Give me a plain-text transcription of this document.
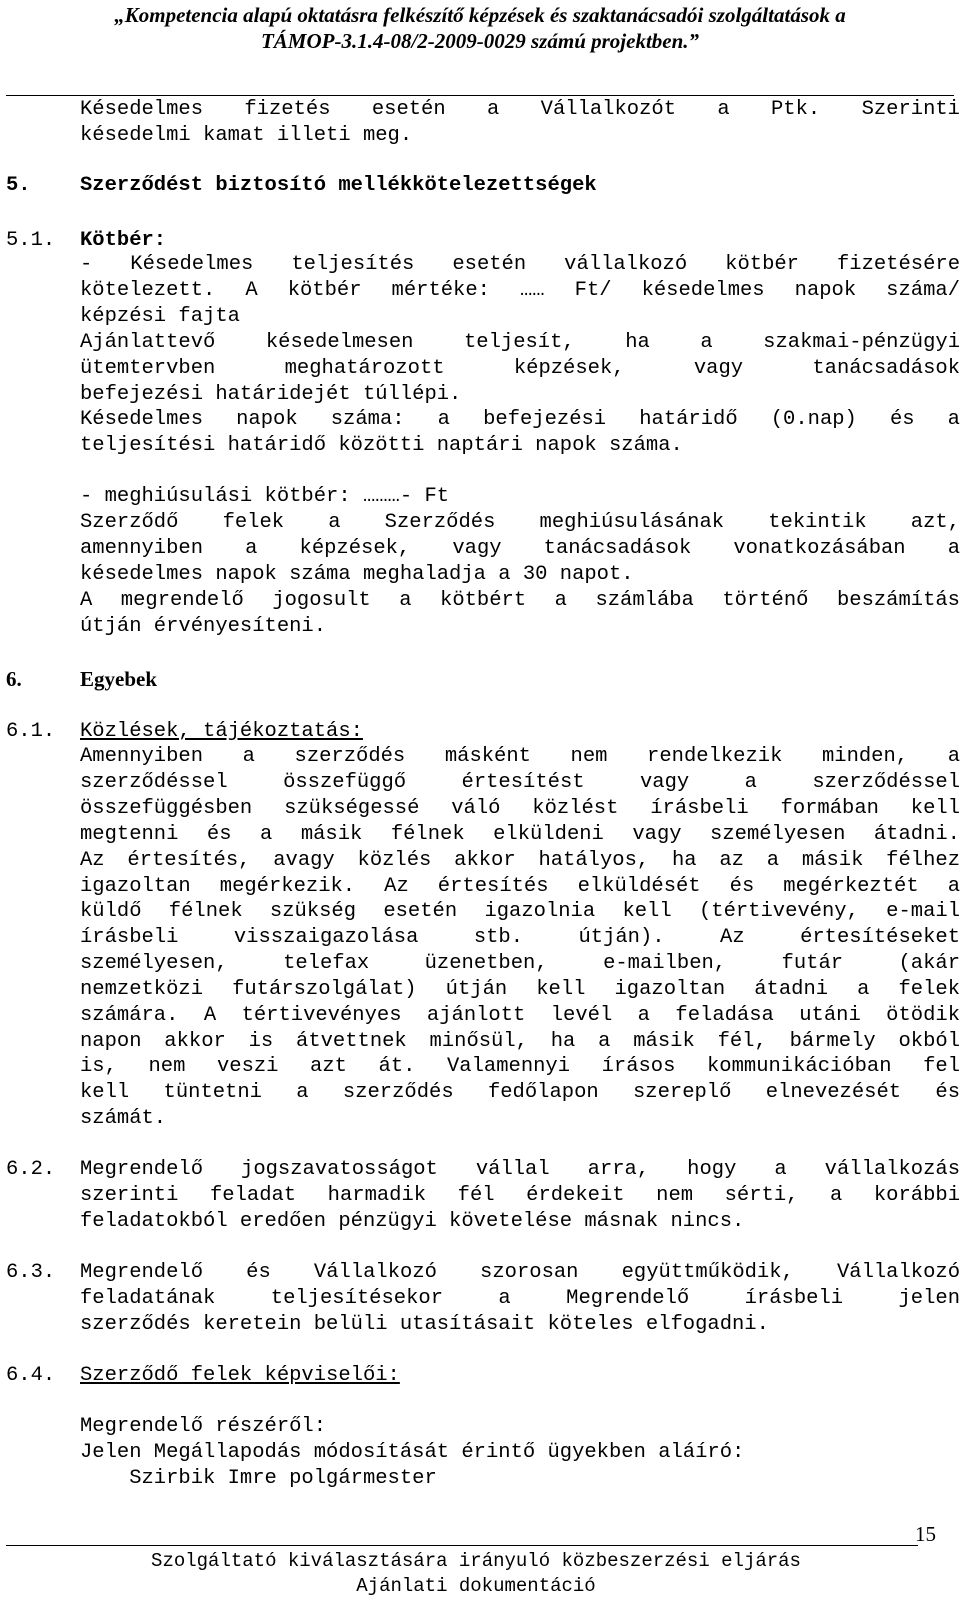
„Kompetencia alapú oktatásra felkészítő képzések és szaktanácsadói szolgáltatások a
TÁMOP-3.1.4-08/2-2009-0029 számú projektben.”
Késedelmes fizetés esetén a Vállalkozót a Ptk. Szerinti
késedelmi kamat illeti meg.
5. Szerződést biztosító mellékkötelezettségek
5.1. Kötbér:
- Késedelmes teljesítés esetén vállalkozó kötbér fizetésére
kötelezett. A kötbér mértéke: …… Ft/ késedelmes napok száma/
képzési fajta
Ajánlattevő késedelmesen teljesít, ha a szakmai-pénzügyi
ütemtervben meghatározott képzések, vagy tanácsadások
befejezési határidejét túllépi.
Késedelmes napok száma: a befejezési határidő (0.nap) és a
teljesítési határidő közötti naptári napok száma.
- meghiúsulási kötbér: ………- Ft
Szerződő felek a Szerződés meghiúsulásának tekintik azt,
amennyiben a képzések, vagy tanácsadások vonatkozásában a
késedelmes napok száma meghaladja a 30 napot.
A megrendelő jogosult a kötbért a számlába történő beszámítás
útján érvényesíteni.
6.	Egyebek
6.1. Közlések, tájékoztatás:
Amennyiben a szerződés másként nem rendelkezik minden, a
szerződéssel összefüggő értesítést vagy a szerződéssel
összefüggésben szükségessé váló közlést írásbeli formában kell
megtenni és a másik félnek elküldeni vagy személyesen átadni.
Az értesítés, avagy közlés akkor hatályos, ha az a másik félhez
igazoltan megérkezik. Az értesítés elküldését és megérkeztét a
küldő félnek szükség esetén igazolnia kell (tértivevény, e-mail
írásbeli visszaigazolása stb. útján). Az értesítéseket
személyesen, telefax üzenetben, e-mailben, futár (akár
nemzetközi futárszolgálat) útján kell igazoltan átadni a felek
számára. A tértivevényes ajánlott levél a feladása utáni ötödik
napon akkor is átvettnek minősül, ha a másik fél, bármely okból
is, nem veszi azt át. Valamennyi írásos kommunikációban fel
kell tüntetni a szerződés fedőlapon szereplő elnevezését és
számát.
6.2. Megrendelő jogszavatosságot vállal arra, hogy a vállalkozás
szerinti feladat harmadik fél érdekeit nem sérti, a korábbi
feladatokból eredően pénzügyi követelése másnak nincs.
6.3. Megrendelő és Vállalkozó szorosan együttműködik, Vállalkozó
feladatának teljesítésekor a Megrendelő írásbeli jelen
szerződés keretein belüli utasításait köteles elfogadni.
6.4. Szerződő felek képviselői:
Megrendelő részéről:
Jelen Megállapodás módosítását érintő ügyekben aláíró:
Szirbik Imre polgármester
15
Szolgáltató kiválasztására irányuló közbeszerzési eljárás
Ajánlati dokumentáció
